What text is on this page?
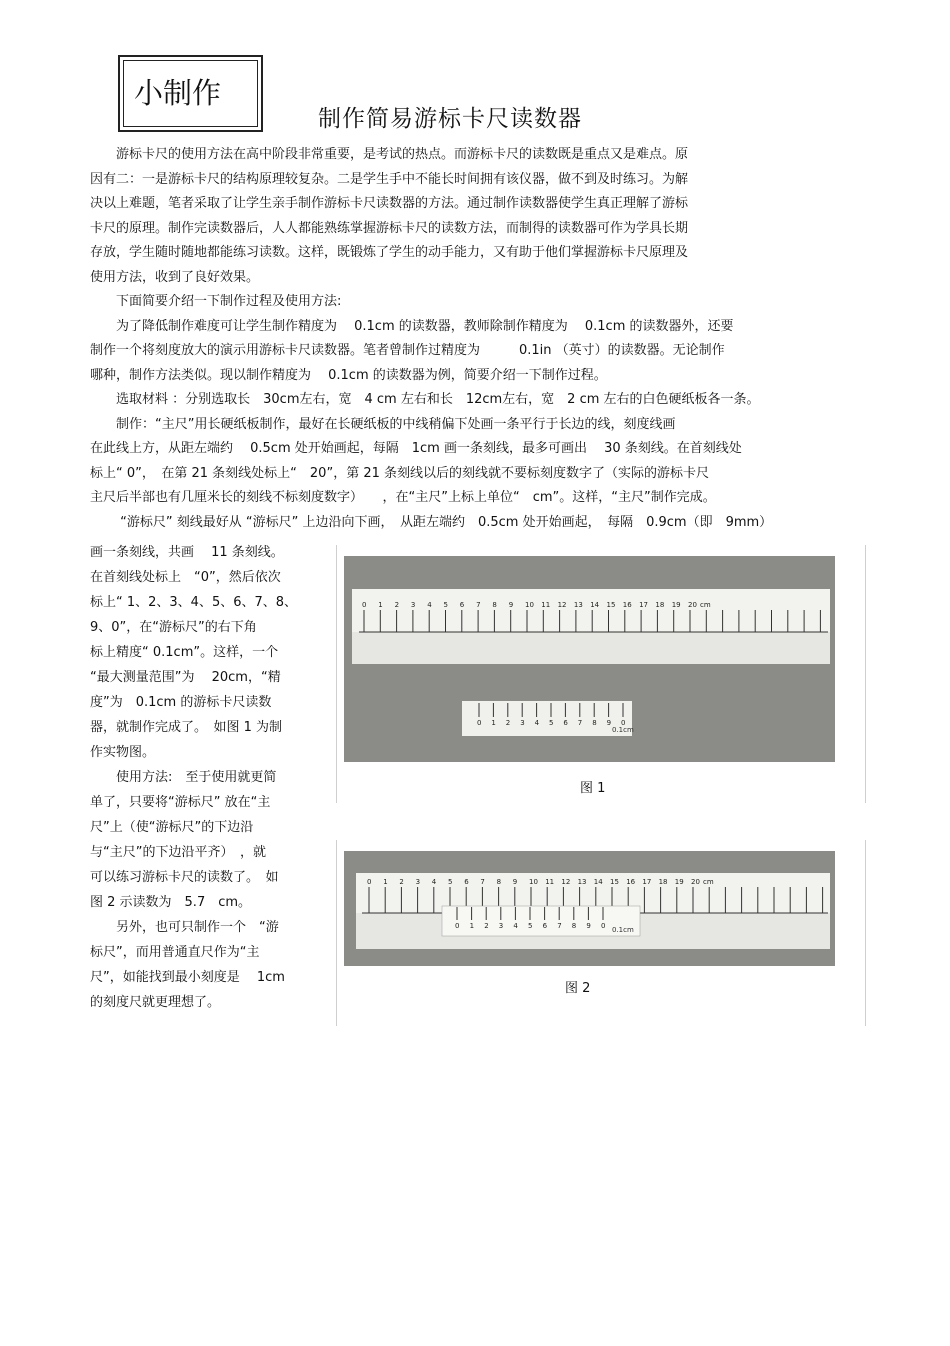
小制作
制作简易游标卡尺读数器
　　游标卡尺的使用方法在高中阶段非常重要，是考试的热点。而游标卡尺的读数既是重点又是难点。原
因有二：一是游标卡尺的结构原理较复杂。二是学生手中不能长时间拥有该仪器，做不到及时练习。为解
决以上难题，笔者采取了让学生亲手制作游标卡尺读数器的方法。通过制作读数器使学生真正理解了游标
卡尺的原理。制作完读数器后，人人都能熟练掌握游标卡尺的读数方法，而制得的读数器可作为学具长期
存放，学生随时随地都能练习读数。这样，既锻炼了学生的动手能力，又有助于他们掌握游标卡尺原理及
使用方法，收到了良好效果。
　　下面简要介绍一下制作过程及使用方法:
　　为了降低制作难度可让学生制作精度为　 0.1cm 的读数器，教师除制作精度为　 0.1cm 的读数器外，还要
制作一个将刻度放大的演示用游标卡尺读数器。笔者曾制作过精度为　　　0.1in （英寸）的读数器。无论制作
哪种，制作方法类似。现以制作精度为　 0.1cm 的读数器为例，简要介绍一下制作过程。
　　选取材料 ：分别选取长　30cm左右，宽　4 cm 左右和长　12cm左右，宽　2 cm 左右的白色硬纸板各一条。
　　制作：“主尺”用长硬纸板制作，最好在长硬纸板的中线稍偏下处画一条平行于长边的线，刻度线画
在此线上方，从距左端约　 0.5cm 处开始画起，每隔　1cm 画一条刻线，最多可画出　 30 条刻线。在首刻线处
标上“ 0”，　在第 21 条刻线处标上“　20”，第 21 条刻线以后的刻线就不要标刻度数字了（实际的游标卡尺
主尺后半部也有几厘米长的刻线不标刻度数字）　　，在“主尺”上标上单位“　cm”。这样，“主尺”制作完成。
　　 “游标尺” 刻线最好从 “游标尺” 上边沿向下画，　从距左端约　0.5cm 处开始画起，　每隔　0.9cm（即　9mm）
画一条刻线，共画　 11 条刻线。
在首刻线处标上　“0”，然后依次
标上“ 1、2、3、4、5、6、7、8、
9、0”，在“游标尺”的右下角
标上精度“ 0.1cm”。这样，一个
“最大测量范围”为　 20cm，“精
度”为　0.1cm 的游标卡尺读数
器，就制作完成了。　如图 1 为制
作实物图。
　　使用方法:　至于使用就更简
单了，只要将“游标尺” 放在“主
尺”上（使“游标尺”的下边沿
与“主尺”的下边沿平齐）　，就
可以练习游标卡尺的读数了。　如
图 2 示读数为　5.7　cm。
　　另外，也可只制作一个　“游
标尺”，而用普通直尺作为“主
尺”，如能找到最小刻度是　 1cm
的刻度尺就更理想了。
0 1 2 3 4 5 6 7 8 9 10 11 12 13 14 15 16 17 18 19 20 cm
0 1 2 3 4 5 6 7 8 9 0
0.1cm
图 1
0 1 2 3 4 5 6 7 8 9 10 11 12 13 14 15 16 17 18 19 20 cm
0 1 2 3 4 5 6 7 8 9 0 0.1cm
图 2
